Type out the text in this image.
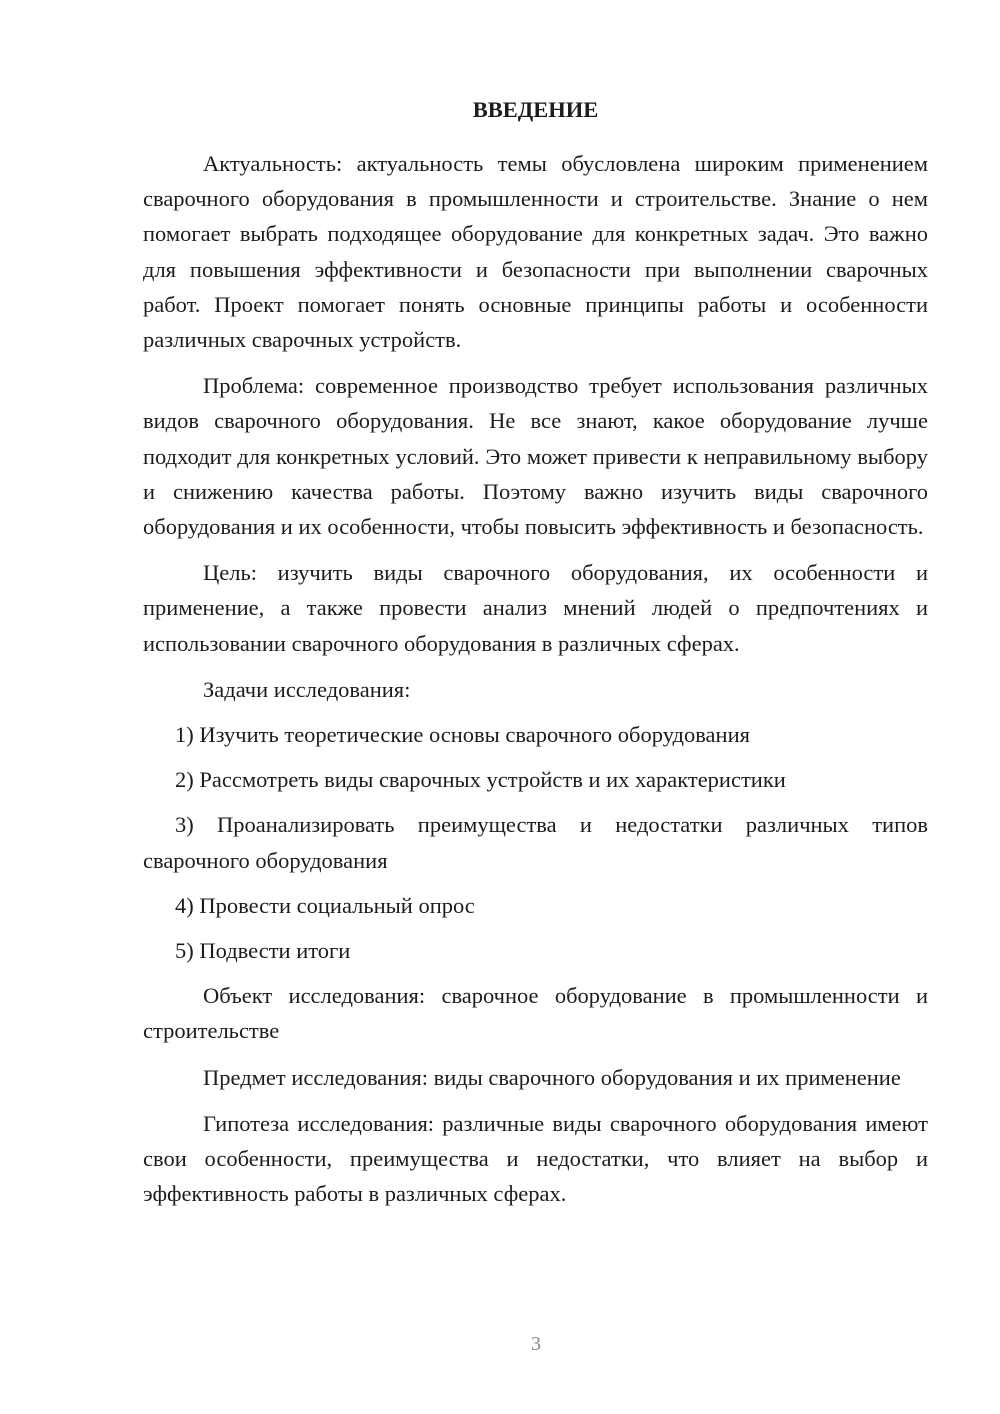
ВВЕДЕНИЕ

Актуальность: актуальность темы обусловлена широким применением сварочного оборудования в промышленности и строительстве. Знание о нем помогает выбрать подходящее оборудование для конкретных задач. Это важно для повышения эффективности и безопасности при выполнении сварочных работ. Проект помогает понять основные принципы работы и особенности различных сварочных устройств.

Проблема: современное производство требует использования различных видов сварочного оборудования. Не все знают, какое оборудование лучше подходит для конкретных условий. Это может привести к неправильному выбору и снижению качества работы. Поэтому важно изучить виды сварочного оборудования и их особенности, чтобы повысить эффективность и безопасность.

Цель: изучить виды сварочного оборудования, их особенности и применение, а также провести анализ мнений людей о предпочтениях и использовании сварочного оборудования в различных сферах.

Задачи исследования:

1) Изучить теоретические основы сварочного оборудования

2) Рассмотреть виды сварочных устройств и их характеристики

3) Проанализировать преимущества и недостатки различных типов сварочного оборудования

4) Провести социальный опрос

5) Подвести итоги

Объект исследования: сварочное оборудование в промышленности и строительстве

Предмет исследования: виды сварочного оборудования и их применение

Гипотеза исследования: различные виды сварочного оборудования имеют свои особенности, преимущества и недостатки, что влияет на выбор и эффективность работы в различных сферах.

3
